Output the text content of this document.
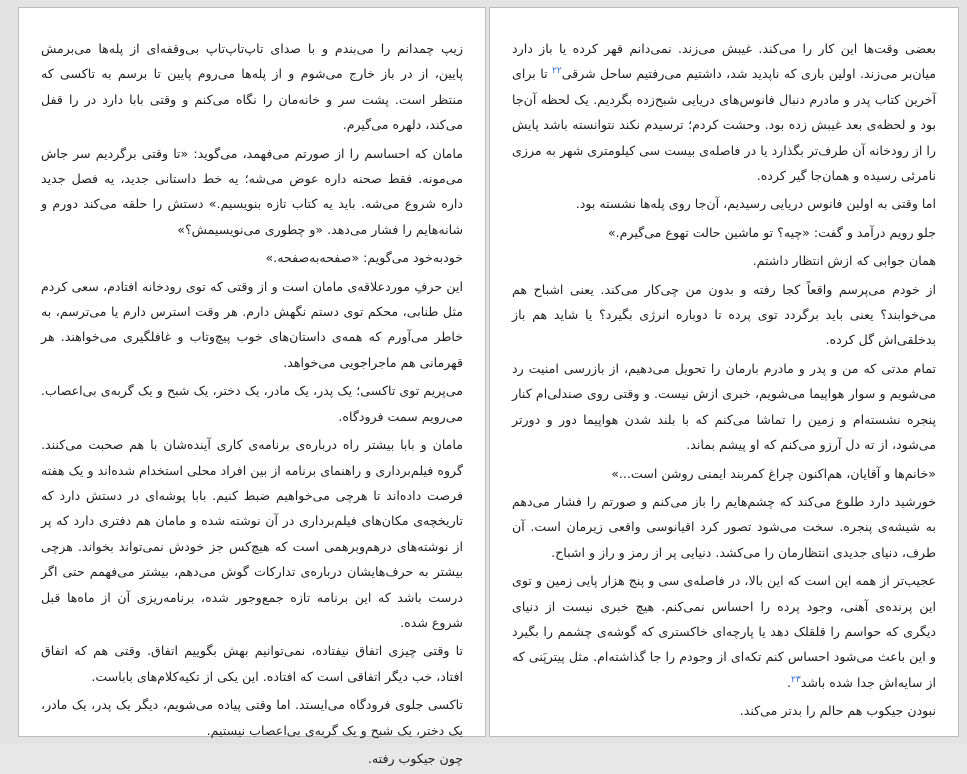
زیپ چمدانم را می‌بندم و با صدای تاپ‌تاپ‌تاپ بی‌وقفه‌ای از پله‌ها می‌برمش پایین، از در باز خارج می‌شوم و از پله‌ها می‌روم پایین تا برسم به تاکسی که منتظر است. پشت سر و خانه‌مان را نگاه می‌کنم و وقتی بابا دارد در را قفل می‌کند، دلهره می‌گیرم.

مامان که احساسم را از صورتم می‌فهمد، می‌گوید: «تا وقتی برگردیم سر جاش می‌مونه. فقط صحنه داره عوض می‌شه؛ یه خط داستانی جدید، یه فصل جدید داره شروع می‌شه. باید یه کتاب تازه بنویسیم.» دستش را حلقه می‌کند دورم و شانه‌هایم را فشار می‌دهد. «و چطوری می‌نویسیمش؟»

خودبه‌خود می‌گویم: «صفحه‌به‌صفحه.»

این حرفِ موردعلاقه‌ی مامان است و از وقتی که توی رودخانه افتادم، سعی کردم مثل طنابی، محکم توی دستم نگهش دارم. هر وقت استرس دارم یا می‌ترسم، به خاطر می‌آورم که همه‌ی داستان‌های خوب پیچ‌وتاب و غافلگیری می‌خواهند. هر قهرمانی هم ماجراجویی می‌خواهد.

می‌پریم توی تاکسی؛ یک پدر، یک مادر، یک دختر، یک شبح و یک گربه‌ی بی‌اعصاب. می‌رویم سمت فرودگاه.

مامان و بابا بیشتر راه درباره‌ی برنامه‌ی کاری آینده‌شان با هم صحبت می‌کنند. گروه فیلم‌برداری و راهنمای برنامه از بین افراد محلی استخدام شده‌اند و یک هفته فرصت داده‌اند تا هرچی می‌خواهیم ضبط کنیم. بابا پوشه‌ای در دستش دارد که تاریخچه‌ی مکان‌های فیلم‌برداری در آن نوشته شده و مامان هم دفتری دارد که پر از نوشته‌های درهم‌وبرهمی است که هیچ‌کس جز خودش نمی‌تواند بخواند. هرچی بیشتر به حرف‌هایشان درباره‌ی تدارکات گوش می‌دهم، بیشتر می‌فهمم حتی اگر درست باشد که این برنامه تازه جمع‌وجور شده، برنامه‌ریزی آن از ماه‌ها قبل شروع شده.

تا وقتی چیزی اتفاق نیفتاده، نمی‌توانیم بهش بگوییم اتفاق. وقتی هم که اتفاق افتاد، خب دیگر اتفاقی است که افتاده. این یکی از تکیه‌کلام‌های باباست.

تاکسی جلوی فرودگاه می‌ایستد. اما وقتی پیاده می‌شویم، دیگر یک پدر، یک مادر، یک دختر، یک شبح و یک گربه‌ی بی‌اعصاب نیستیم.

چون جیکوب رفته.

بعضی وقت‌ها این کار را می‌کند. غیبش می‌زند. نمی‌دانم قهر کرده یا باز دارد میان‌بر می‌زند. اولین باری که ناپدید شد، داشتیم می‌رفتیم ساحل شرقی$^{۲۲}$ تا برای آخرین کتاب پدر و مادرم دنبال فانوس‌های دریایی شبح‌زده بگردیم. یک لحظه آن‌جا بود و لحظه‌ی بعد غیبش زده بود. وحشت کردم؛ ترسیدم نکند نتوانسته باشد پایش را از رودخانه آن طرف‌تر بگذارد یا در فاصله‌ی بیست سی کیلومتری شهر به مرزی نامرئی رسیده و همان‌جا گیر کرده.

اما وقتی به اولین فانوس دریایی رسیدیم، آن‌جا روی پله‌ها نشسته بود.

جلو رویم درآمد و گفت: «چیه؟ تو ماشین حالت تهوع می‌گیرم.»

همان جوابی که ازش انتظار داشتم.

از خودم می‌پرسم واقعاً کجا رفته و بدون من چی‌کار می‌کند. یعنی اشباح هم می‌خوابند؟ یعنی باید برگردد توی پرده تا دوباره انرژی بگیرد؟ یا شاید هم باز بدخلقی‌اش گل کرده.

تمام مدتی که من و پدر و مادرم بارمان را تحویل می‌دهیم، از بازرسی امنیت رد می‌شویم و سوار هواپیما می‌شویم، خبری ازش نیست. و وقتی روی صندلی‌ام کنار پنجره نشسته‌ام و زمین را تماشا می‌کنم که با بلند شدن هواپیما دور و دورتر می‌شود، از ته دل آرزو می‌کنم که او پیشم بماند.

«خانم‌ها و آقایان، هم‌اکنون چراغ کمربند ایمنی روشن است...»

خورشید دارد طلوع می‌کند که چشم‌هایم را باز می‌کنم و صورتم را فشار می‌دهم به شیشه‌ی پنجره. سخت می‌شود تصور کرد اقیانوسی واقعی زیرمان است. آن طرف، دنیای جدیدی انتظارمان را می‌کشد. دنیایی پر از رمز و راز و اشباح.

عجیب‌تر از همه این است که این بالا، در فاصله‌ی سی و پنج هزار پایی زمین و توی این پرنده‌ی آهنی، وجود پرده را احساس نمی‌کنم. هیچ خبری نیست از دنیای دیگری که حواسم را قلقلک دهد یا پارچه‌ای خاکستری که گوشه‌ی چشمم را بگیرد و این باعث می‌شود احساس کنم تکه‌ای از وجودم را جا گذاشته‌ام. مثل پیترپَنی که از سایه‌اش جدا شده باشد$^{۲۳}$.

نبودن جیکوب هم حالم را بدتر می‌کند.
